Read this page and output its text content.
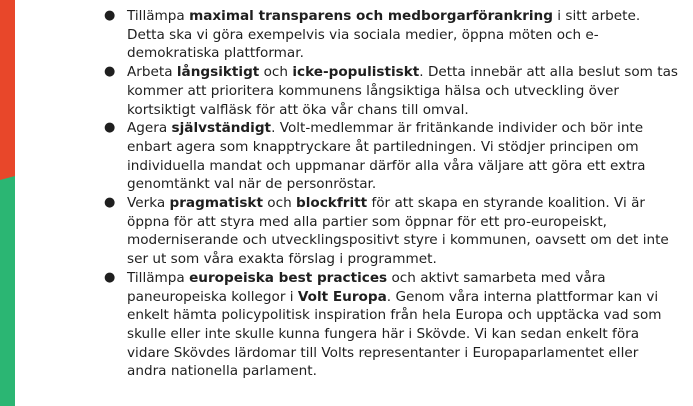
● Tillämpa maximal transparens och medborgarförankring i sitt arbete. Detta ska vi göra exempelvis via sociala medier, öppna möten och e-demokratiska plattformar.
● Arbeta långsiktigt och icke-populistiskt. Detta innebär att alla beslut som tas kommer att prioritera kommunens långsiktiga hälsa och utveckling över kortsiktigt valfläsk för att öka vår chans till omval.
● Agera självständigt. Volt-medlemmar är fritänkande individer och bör inte enbart agera som knapptryckare åt partiledningen. Vi stödjer principen om individuella mandat och uppmanar därför alla våra väljare att göra ett extra genomtänkt val när de personröstar.
● Verka pragmatiskt och blockfritt för att skapa en styrande koalition. Vi är öppna för att styra med alla partier som öppnar för ett pro-europeiskt, moderniserande och utvecklingspositivt styre i kommunen, oavsett om det inte ser ut som våra exakta förslag i programmet.
● Tillämpa europeiska best practices och aktivt samarbeta med våra paneuropeiska kollegor i Volt Europa. Genom våra interna plattformar kan vi enkelt hämta policypolitisk inspiration från hela Europa och upptäcka vad som skulle eller inte skulle kunna fungera här i Skövde. Vi kan sedan enkelt föra vidare Skövdes lärdomar till Volts representanter i Europaparlamentet eller andra nationella parlament.
